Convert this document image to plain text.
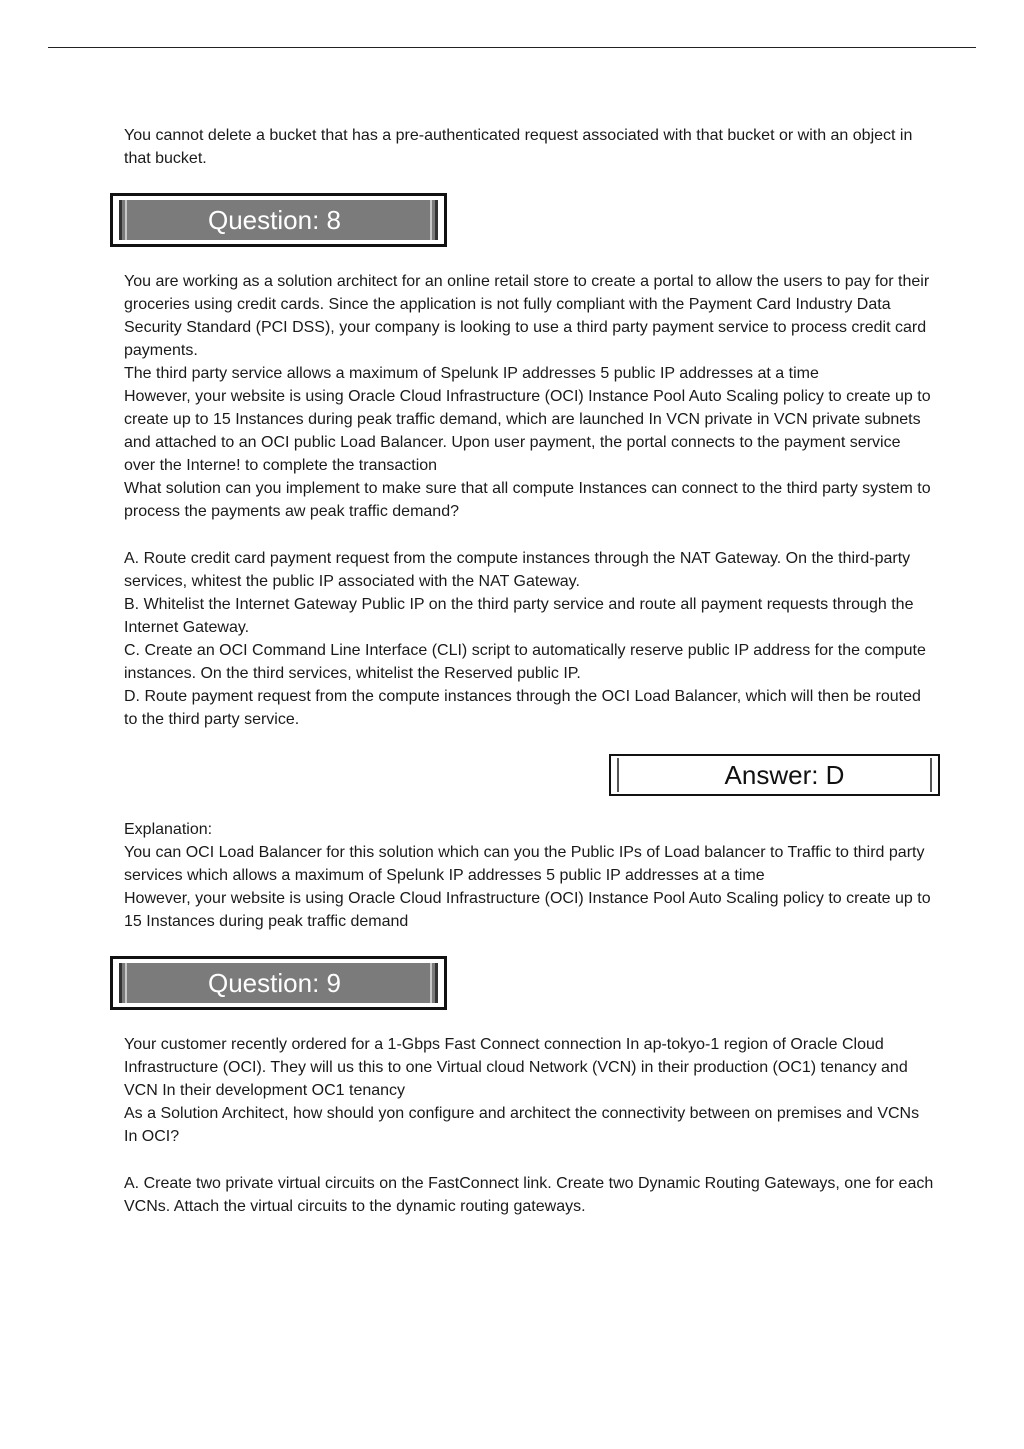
You cannot delete a bucket that has a pre-authenticated request associated with that bucket or with an object in that bucket.

Question: 8

You are working as a solution architect for an online retail store to create a portal to allow the users to pay for their groceries using credit cards. Since the application is not fully compliant with the Payment Card Industry Data Security Standard (PCI DSS), your company is looking to use a third party payment service to process credit card payments.

The third party service allows a maximum of Spelunk IP addresses 5 public IP addresses at a time

However, your website is using Oracle Cloud Infrastructure (OCI) Instance Pool Auto Scaling policy to create up to create up to 15 Instances during peak traffic demand, which are launched In VCN private in VCN private subnets and attached to an OCI public Load Balancer. Upon user payment, the portal connects to the payment service over the Interne! to complete the transaction

What solution can you implement to make sure that all compute Instances can connect to the third party system to process the payments aw peak traffic demand?

A. Route credit card payment request from the compute instances through the NAT Gateway. On the third-party services, whitest the public IP associated with the NAT Gateway.

B. Whitelist the Internet Gateway Public IP on the third party service and route all payment requests through the Internet Gateway.

C. Create an OCI Command Line Interface (CLI) script to automatically reserve public IP address for the compute instances. On the third services, whitelist the Reserved public IP.

D. Route payment request from the compute instances through the OCI Load Balancer, which will then be routed to the third party service.

Answer: D

Explanation:

You can OCI Load Balancer for this solution which can you the Public IPs of Load balancer to Traffic to third party services which allows a maximum of Spelunk IP addresses 5 public IP addresses at a time

However, your website is using Oracle Cloud Infrastructure (OCI) Instance Pool Auto Scaling policy to create up to 15 Instances during peak traffic demand

Question: 9

Your customer recently ordered for a 1-Gbps Fast Connect connection In ap-tokyo-1 region of Oracle Cloud Infrastructure (OCI). They will us this to one Virtual cloud Network (VCN) in their production (OC1) tenancy and VCN In their development OC1 tenancy

As a Solution Architect, how should yon configure and architect the connectivity between on premises and VCNs In OCI?

A. Create two private virtual circuits on the FastConnect link. Create two Dynamic Routing Gateways, one for each VCNs. Attach the virtual circuits to the dynamic routing gateways.
